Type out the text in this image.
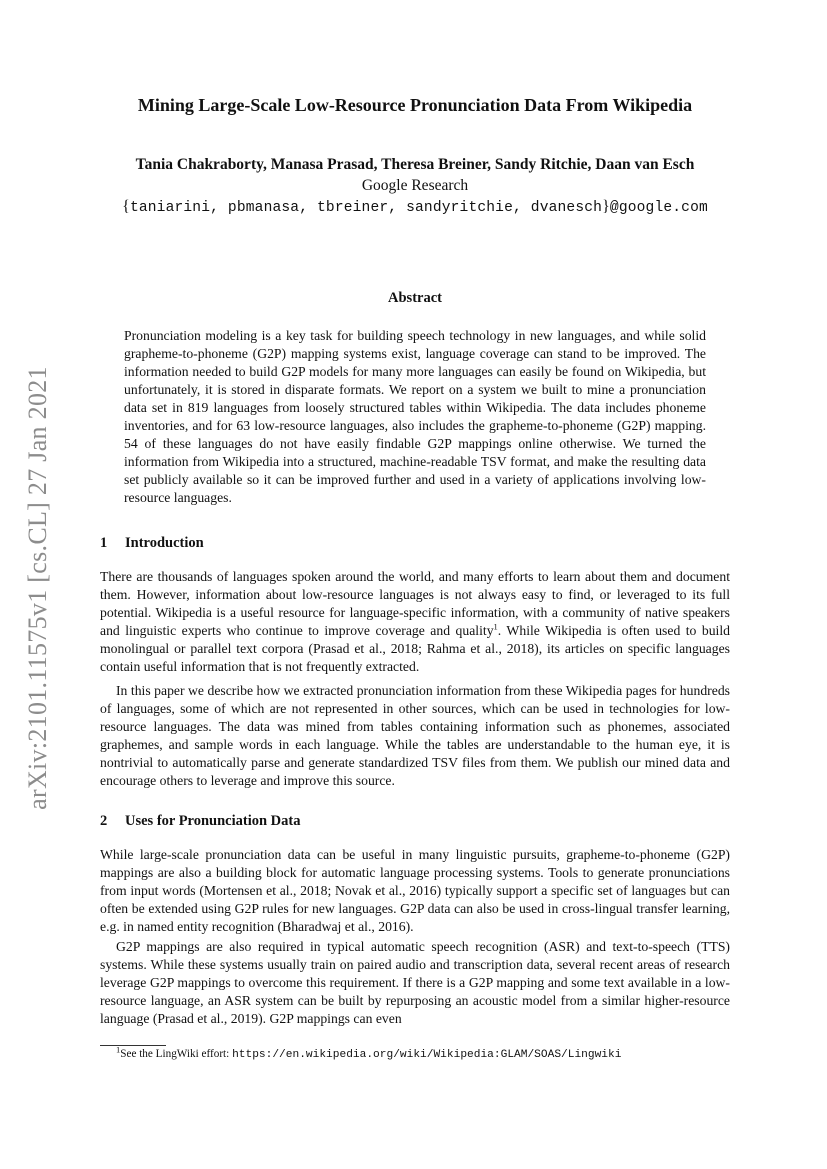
arXiv:2101.11575v1 [cs.CL] 27 Jan 2021
Mining Large-Scale Low-Resource Pronunciation Data From Wikipedia
Tania Chakraborty, Manasa Prasad, Theresa Breiner, Sandy Ritchie, Daan van Esch
Google Research
{taniarini, pbmanasa, tbreiner, sandyritchie, dvanesch}@google.com
Abstract

Pronunciation modeling is a key task for building speech technology in new languages, and while solid grapheme-to-phoneme (G2P) mapping systems exist, language coverage can stand to be improved. The information needed to build G2P models for many more languages can easily be found on Wikipedia, but unfortunately, it is stored in disparate formats. We report on a system we built to mine a pronunciation data set in 819 languages from loosely structured tables within Wikipedia. The data includes phoneme inventories, and for 63 low-resource languages, also includes the grapheme-to-phoneme (G2P) mapping. 54 of these languages do not have easily findable G2P mappings online otherwise. We turned the information from Wikipedia into a structured, machine-readable TSV format, and make the resulting data set publicly available so it can be improved further and used in a variety of applications involving low-resource languages.

1 Introduction

There are thousands of languages spoken around the world, and many efforts to learn about them and document them. However, information about low-resource languages is not always easy to find, or leveraged to its full potential. Wikipedia is a useful resource for language-specific information, with a community of native speakers and linguistic experts who continue to improve coverage and quality$^1$. While Wikipedia is often used to build monolingual or parallel text corpora (Prasad et al., 2018; Rahma et al., 2018), its articles on specific languages contain useful information that is not frequently extracted.

In this paper we describe how we extracted pronunciation information from these Wikipedia pages for hundreds of languages, some of which are not represented in other sources, which can be used in technologies for low-resource languages. The data was mined from tables containing information such as phonemes, associated graphemes, and sample words in each language. While the tables are understandable to the human eye, it is nontrivial to automatically parse and generate standardized TSV files from them. We publish our mined data and encourage others to leverage and improve this source.

2 Uses for Pronunciation Data

While large-scale pronunciation data can be useful in many linguistic pursuits, grapheme-to-phoneme (G2P) mappings are also a building block for automatic language processing systems. Tools to generate pronunciations from input words (Mortensen et al., 2018; Novak et al., 2016) typically support a specific set of languages but can often be extended using G2P rules for new languages. G2P data can also be used in cross-lingual transfer learning, e.g. in named entity recognition (Bharadwaj et al., 2016).

G2P mappings are also required in typical automatic speech recognition (ASR) and text-to-speech (TTS) systems. While these systems usually train on paired audio and transcription data, several recent areas of research leverage G2P mappings to overcome this requirement. If there is a G2P mapping and some text available in a low-resource language, an ASR system can be built by repurposing an acoustic model from a similar higher-resource language (Prasad et al., 2019). G2P mappings can even

$^1$See the LingWiki effort: https://en.wikipedia.org/wiki/Wikipedia:GLAM/SOAS/Lingwiki
